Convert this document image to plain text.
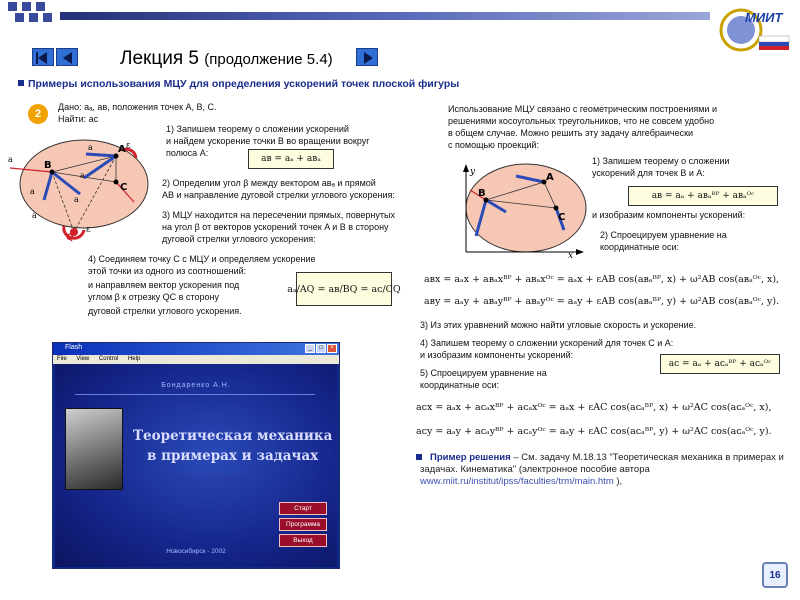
МИИТ
Лекция 5 (продолжение 5.4)
Примеры использования МЦУ для определения ускорений точек плоской фигуры
2
Дано: aₐ, aʙ, положения точек A, B, C.
Найти: aᴄ
A
B
C
Q
ε
ε
a
a
a
a
a
a
1) Запишем теорему о сложении ускорений
и найдем ускорение точки B во вращении вокруг
полюса A:
aʙ = aₐ + aʙₐ
2) Определим угол β между вектором aʙₐ и прямой
AB и направление дуговой стрелки углового ускорения:
3) МЦУ находится на пересечении прямых, повернутых
на угол β от векторов ускорений точек A и B в сторону
дуговой стрелки углового ускорения:
4) Соединяем точку C с МЦУ и определяем ускорение
этой точки из одного из соотношений:
и направляем вектор ускорения под
углом β к отрезку QC в сторону
дуговой стрелки углового ускорения.
aₐ/AQ = aʙ/BQ = aᴄ/CQ
Использование МЦУ связано с геометрическим построениями и
решениями косоугольных треугольников, что не совсем удобно
в общем случае. Можно решить эту задачу алгебраически
с помощью проекций:
A
B
C
y
x
1) Запишем теорему о сложении
ускорений для точек B и A:
aʙ = aₐ + aʙₐᴮᴾ + aʙₐᴼᶜ
и изобразим компоненты ускорений:
2) Спроецируем уравнение на
координатные оси:
aʙx = aₐx + aʙₐxᴮᴾ + aʙₐxᴼᶜ = aₐx + εAB cos(aʙₐᴮᴾ, x) + ω²AB cos(aʙₐᴼᶜ, x),
aʙy = aₐy + aʙₐyᴮᴾ + aʙₐyᴼᶜ = aₐy + εAB cos(aʙₐᴮᴾ, y) + ω²AB cos(aʙₐᴼᶜ, y).
3) Из этих уравнений можно найти угловые скорость и ускорение.
4) Запишем теорему о сложении ускорений для точек C и A:
и изобразим компоненты ускорений:
aᴄ = aₐ + aᴄₐᴮᴾ + aᴄₐᴼᶜ
5) Спроецируем уравнение на
координатные оси:
aᴄx = aₐx + aᴄₐxᴮᴾ + aᴄₐxᴼᶜ = aₐx + εAC cos(aᴄₐᴮᴾ, x) + ω²AC cos(aᴄₐᴼᶜ, x),
aᴄy = aₐy + aᴄₐyᴮᴾ + aᴄₐyᴼᶜ = aₐy + εAC cos(aᴄₐᴮᴾ, y) + ω²AC cos(aᴄₐᴼᶜ, y).
Пример решения – См. задачу М.18.13 "Теоретическая механика в примерах и задачах. Кинематика" (электронное пособие автора
www.miit.ru/institut/ipss/faculties/trm/main.htm ),
Flash	_	□	×
File View Control Help
Бондаренко А.Н.
Теоретическая механика
в примерах и задачах
Часть 1. Кинематика
Старт
Программа
Выход
Новосибирск - 2002
16
